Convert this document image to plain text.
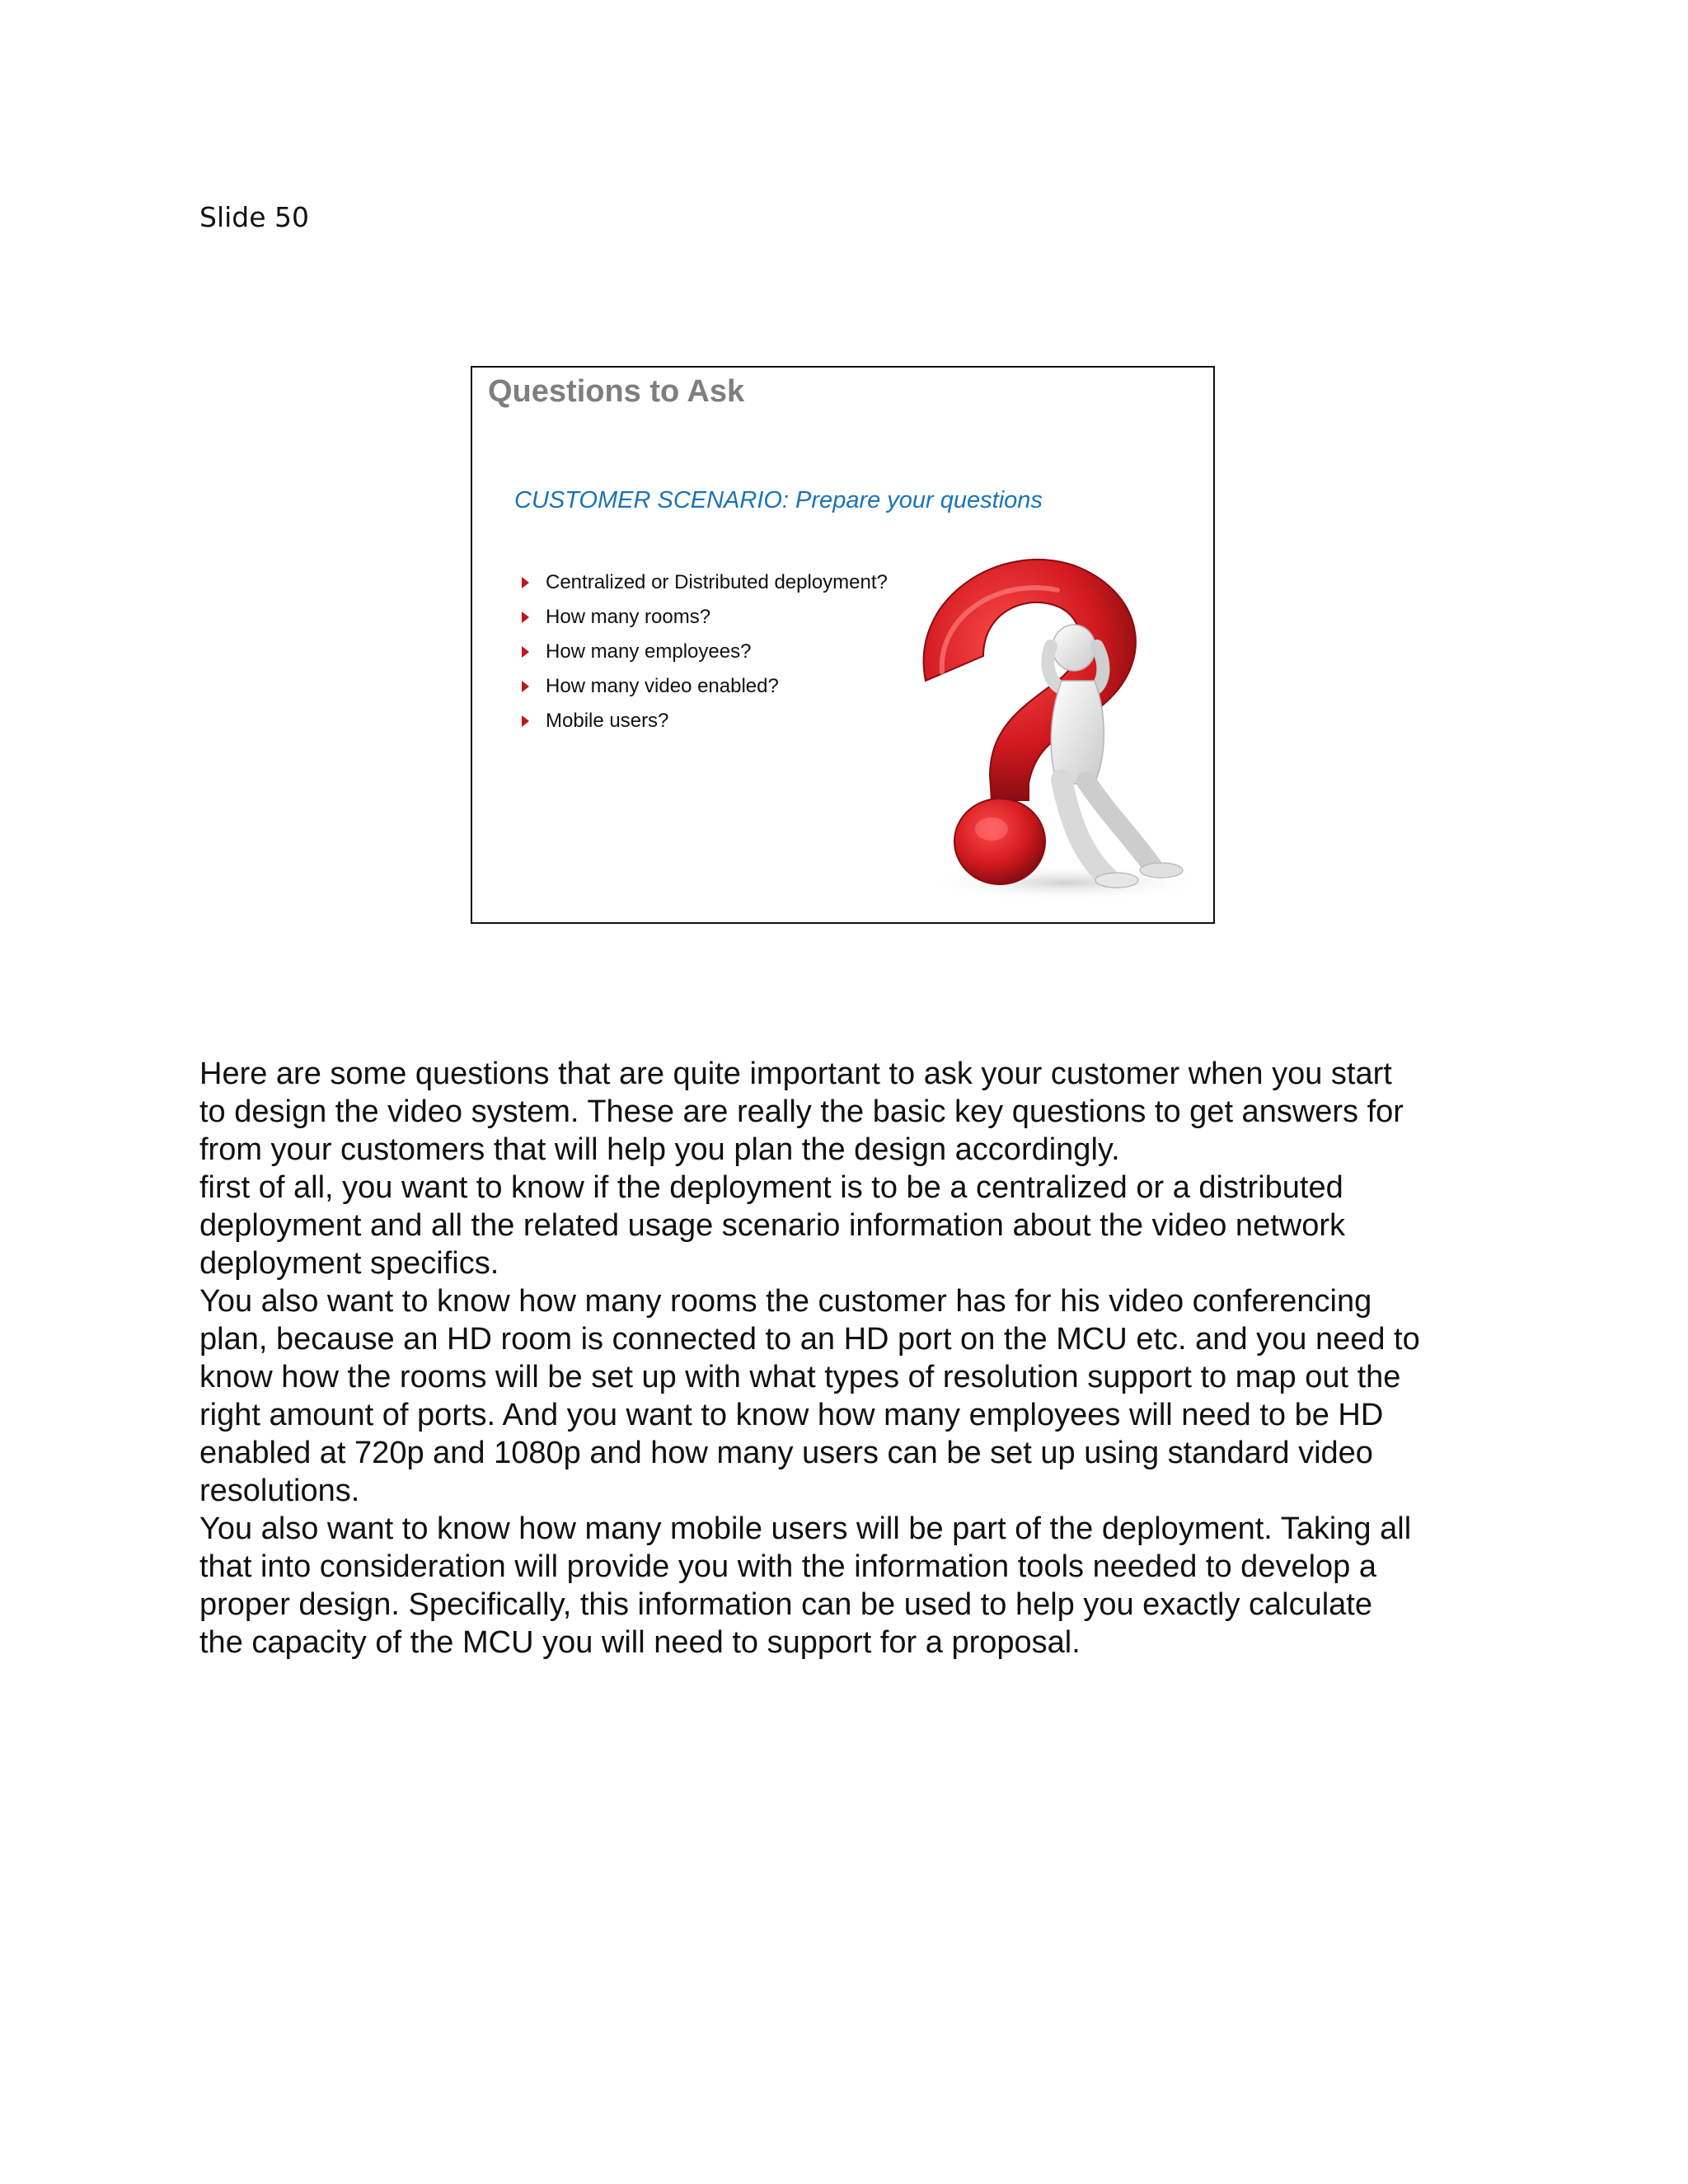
Slide 50
Questions to Ask
CUSTOMER SCENARIO: Prepare your questions
Centralized or Distributed deployment?
How many rooms?
How many employees?
How many video enabled?
Mobile users?

Here are some questions that are quite important to ask your customer when you start

to design the video system. These are really the basic key questions to get answers for

from your customers that will help you plan the design accordingly.

first of all, you want to know if the deployment is to be a centralized or a distributed

deployment and all the related usage scenario information about the video network

deployment specifics.

You also want to know how many rooms the customer has for his video conferencing

plan, because an HD room is connected to an HD port on the MCU etc. and you need to

know how the rooms will be set up with what types of resolution support to map out the

right amount of ports. And you want to know how many employees will need to be HD

enabled at 720p and 1080p and how many users can be set up using standard video

resolutions.

You also want to know how many mobile users will be part of the deployment. Taking all

that into consideration will provide you with the information tools needed to develop a

proper design. Specifically, this information can be used to help you exactly calculate

the capacity of the MCU you will need to support for a proposal.
